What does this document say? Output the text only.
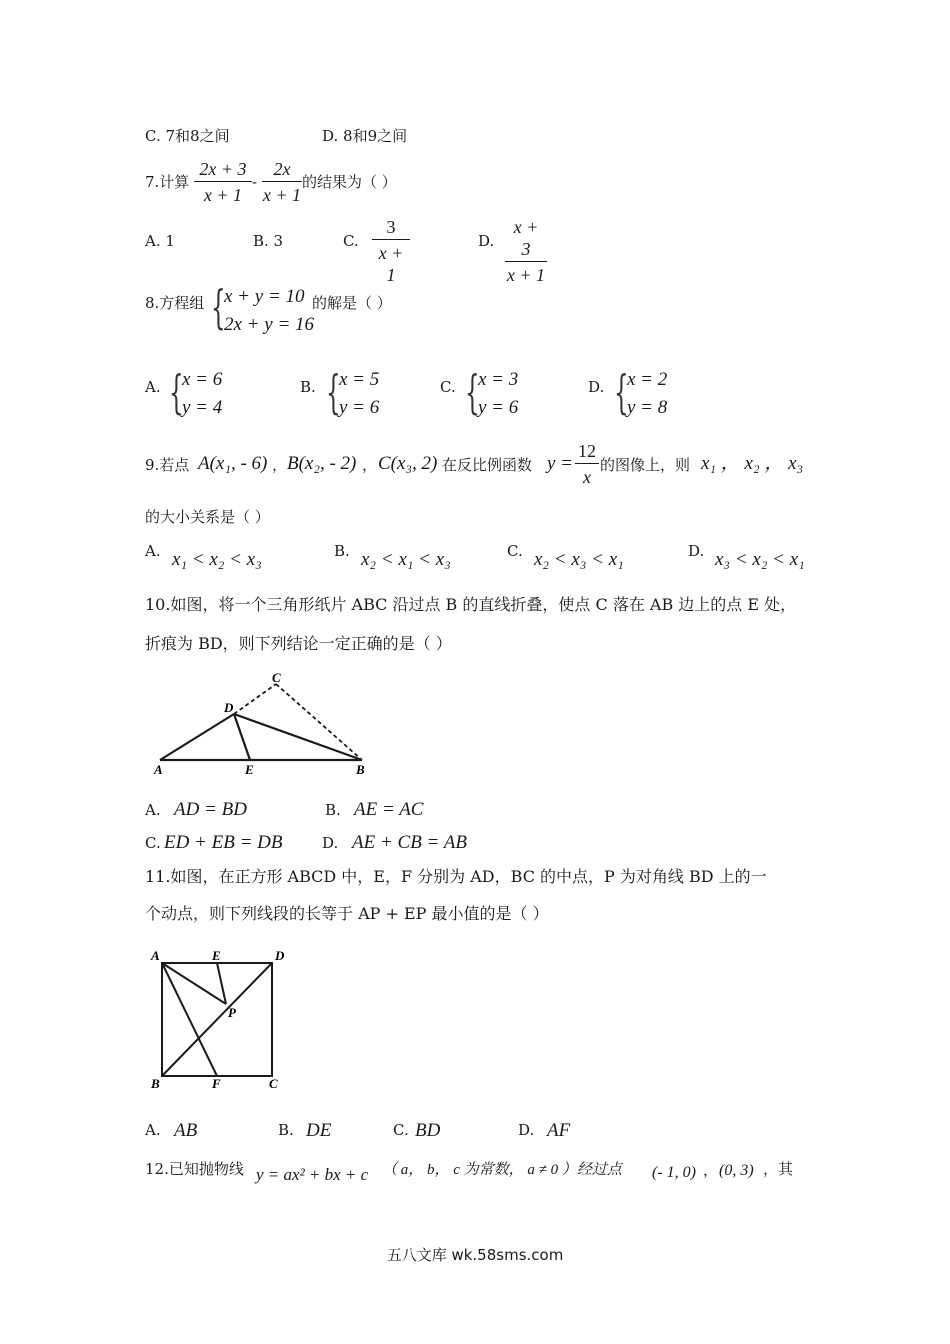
C. 7和8之间	D. 8和9之间
7.计算 $\frac{2x + 3}{x + 1} - \frac{2x}{x + 1}$ 的结果为（ ）
A. 1	B. 3	C. $\frac{3}{x + 1}$	D. $\frac{x + 3}{x + 1}$
8.方程组 {
x + y = 10
2x + y = 16
的解是（ ）
A. {
x = 6
y = 4
B. {
x = 5
y = 6
C. {
x = 3
y = 6
D. {
x = 2
y = 8
9.若点 A(x₁, - 6) ， B(x₂, - 2) ， C(x₃, 2) 在反比例函数 $y = \frac{12}{x}$ 的图像上，则 x₁ ， x₂ ， x₃
的大小关系是（ ）
A. x₁ < x₂ < x₃	B. x₂ < x₁ < x₃	C. x₂ < x₃ < x₁	D. x₃ < x₂ < x₁
10.如图，将一个三角形纸片 ABC 沿过点 B 的直线折叠，使点 C 落在 AB 边上的点 E 处，
折痕为 BD，则下列结论一定正确的是（ ）
A	E	B
D
C
A. AD = BD	B. AE = AC
C. ED + EB = DB	D. AE + CB = AB
11.如图，在正方形 ABCD 中，E，F 分别为 AD，BC 的中点，P 为对角线 BD 上的一
个动点，则下列线段的长等于 AP + EP 最小值的是（ ）
A	E	D
P
B	F	C
A. AB	B. DE	C. BD	D. AF
12.已知抛物线 y = ax² + bx + c （ a， b， c 为常数， a ≠ 0 ）经过点 (- 1, 0) ， (0, 3) ，其
五八文库 wk.58sms.com
